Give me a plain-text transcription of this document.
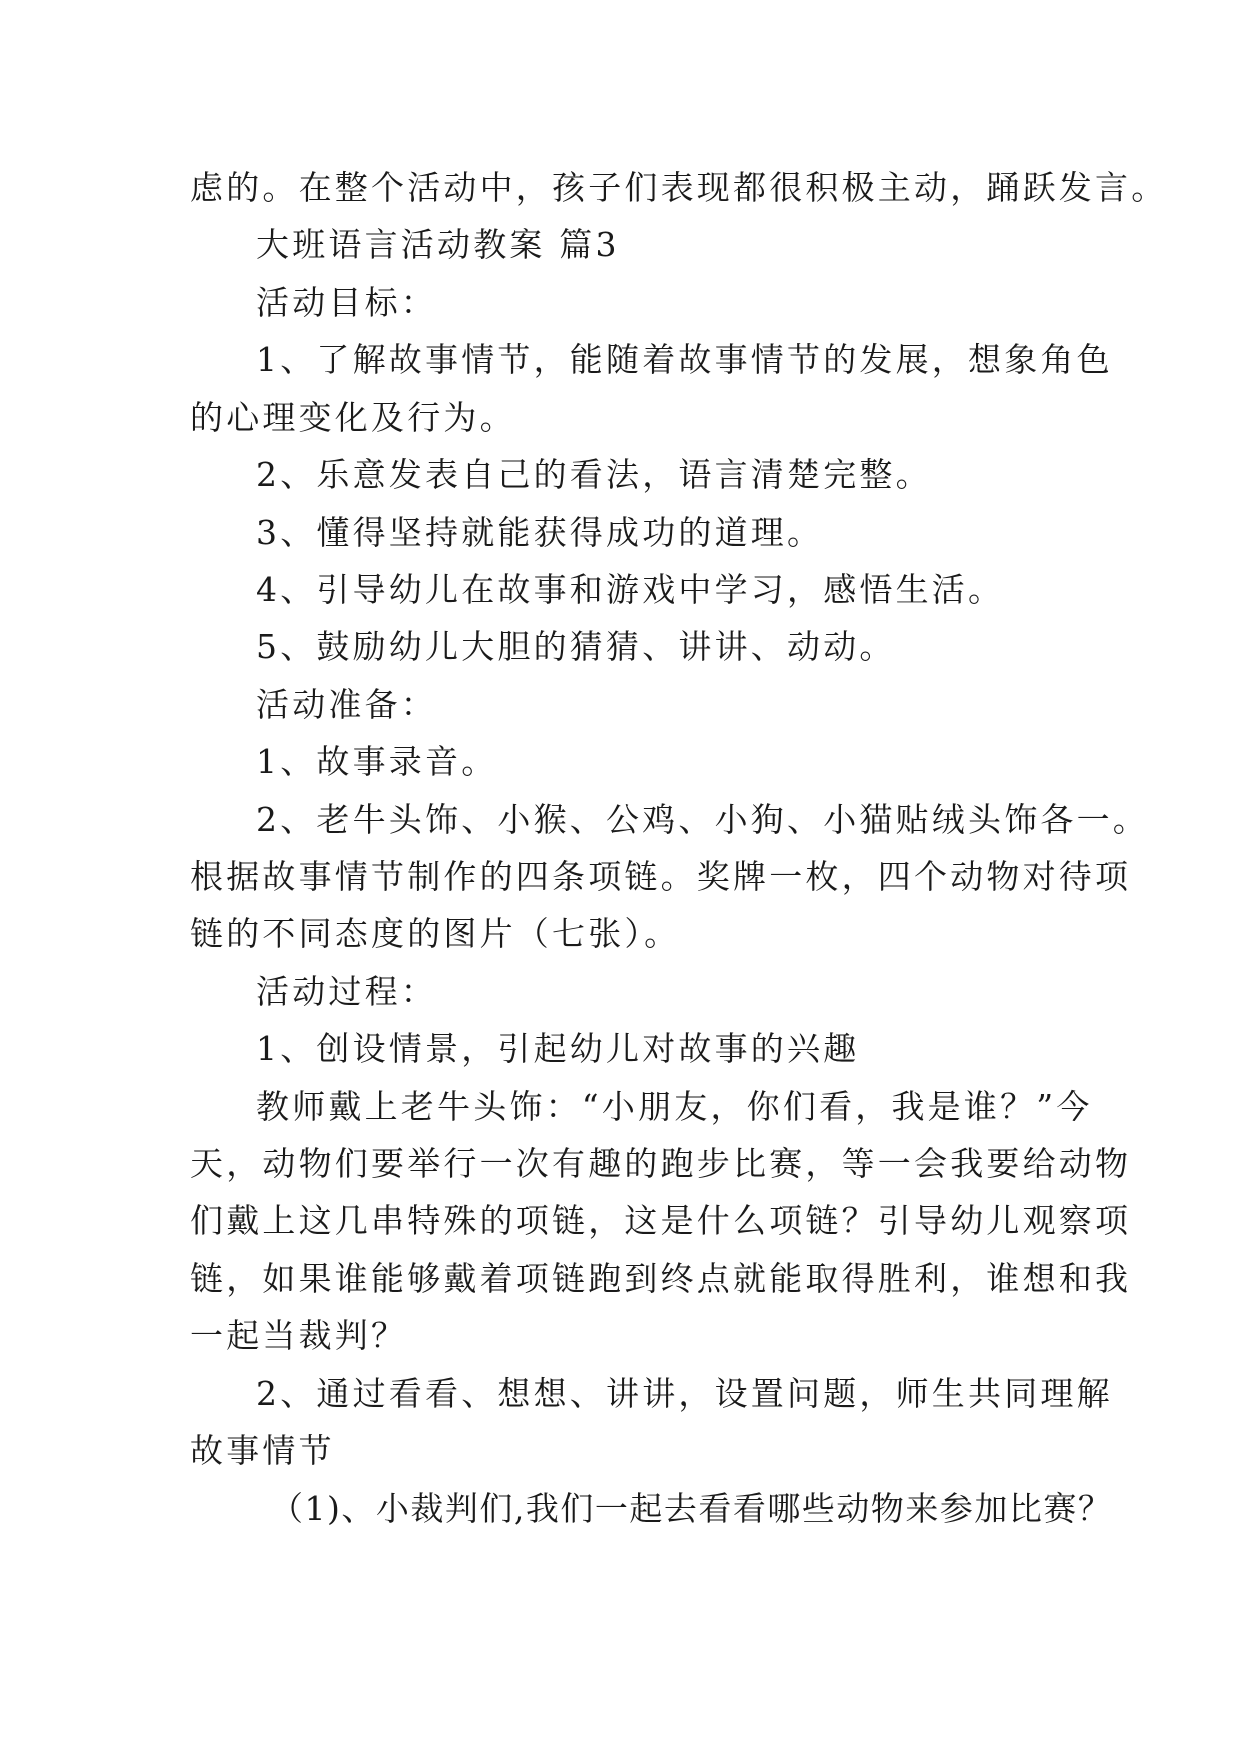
虑的。在整个活动中，孩子们表现都很积极主动，踊跃发言。
大班语言活动教案 篇3
活动目标：
1、了解故事情节，能随着故事情节的发展，想象角色
的心理变化及行为。
2、乐意发表自己的看法，语言清楚完整。
3、懂得坚持就能获得成功的道理。
4、引导幼儿在故事和游戏中学习，感悟生活。
5、鼓励幼儿大胆的猜猜、讲讲、动动。
活动准备：
1、故事录音。
2、老牛头饰、小猴、公鸡、小狗、小猫贴绒头饰各一。
根据故事情节制作的四条项链。奖牌一枚，四个动物对待项
链的不同态度的图片（七张）。
活动过程：
1、创设情景，引起幼儿对故事的兴趣
教师戴上老牛头饰：“小朋友，你们看，我是谁？”今
天，动物们要举行一次有趣的跑步比赛，等一会我要给动物
们戴上这几串特殊的项链，这是什么项链？引导幼儿观察项
链，如果谁能够戴着项链跑到终点就能取得胜利，谁想和我
一起当裁判？
2、通过看看、想想、讲讲，设置问题，师生共同理解
故事情节
（1)、小裁判们,我们一起去看看哪些动物来参加比赛？
